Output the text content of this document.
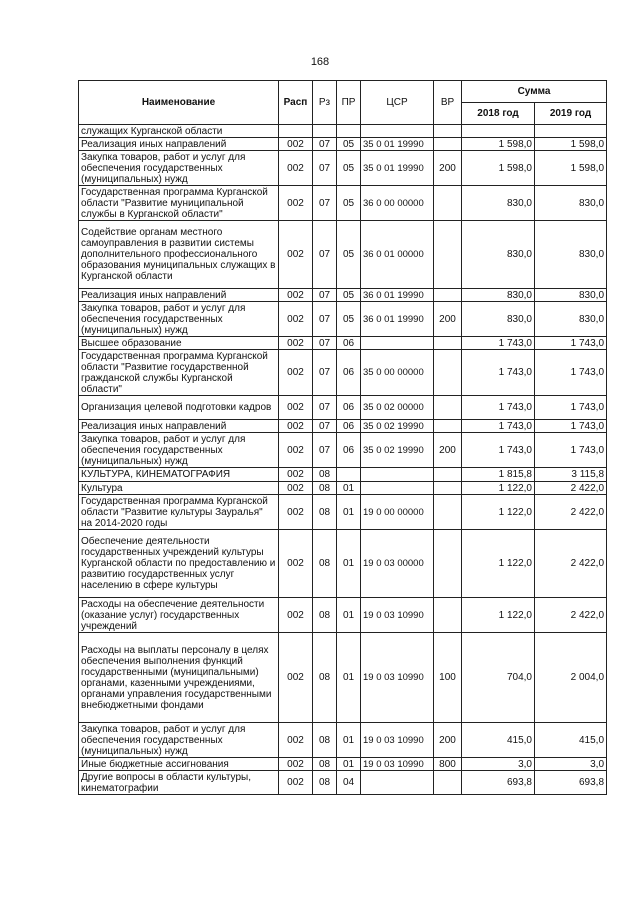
168
Наименование	Расп	Рз	ПР	ЦСР	ВР	Сумма	
						2018 год	2019 год
служащих Курганской области							
Реализация иных направлений	002	07	05	35 0 01 19990		1 598,0	1 598,0
Закупка товаров, работ и услуг для обеспечения государственных (муниципальных) нужд	002	07	05	35 0 01 19990	200	1 598,0	1 598,0
Государственная программа Курганской области "Развитие муниципальной службы в Курганской области"	002	07	05	36 0 00 00000		830,0	830,0
Содействие органам местного самоуправления в развитии системы дополнительного профессионального образования муниципальных служащих в Курганской области	002	07	05	36 0 01 00000		830,0	830,0
Реализация иных направлений	002	07	05	36 0 01 19990		830,0	830,0
Закупка товаров, работ и услуг для обеспечения государственных (муниципальных) нужд	002	07	05	36 0 01 19990	200	830,0	830,0
Высшее образование	002	07	06			1 743,0	1 743,0
Государственная программа Курганской области "Развитие государственной гражданской службы Курганской области"	002	07	06	35 0 00 00000		1 743,0	1 743,0
Организация целевой подготовки кадров	002	07	06	35 0 02 00000		1 743,0	1 743,0
Реализация иных направлений	002	07	06	35 0 02 19990		1 743,0	1 743,0
Закупка товаров, работ и услуг для обеспечения государственных (муниципальных) нужд	002	07	06	35 0 02 19990	200	1 743,0	1 743,0
КУЛЬТУРА, КИНЕМАТОГРАФИЯ	002	08				1 815,8	3 115,8
Культура	002	08	01			1 122,0	2 422,0
Государственная программа Курганской области "Развитие культуры Зауралья" на 2014-2020 годы	002	08	01	19 0 00 00000		1 122,0	2 422,0
Обеспечение деятельности государственных учреждений культуры Курганской области по предоставлению и развитию государственных услуг населению в сфере культуры	002	08	01	19 0 03 00000		1 122,0	2 422,0
Расходы на обеспечение деятельности (оказание услуг) государственных учреждений	002	08	01	19 0 03 10990		1 122,0	2 422,0
Расходы на выплаты персоналу в целях обеспечения выполнения функций государственными (муниципальными) органами, казенными учреждениями, органами управления государственными внебюджетными фондами	002	08	01	19 0 03 10990	100	704,0	2 004,0
Закупка товаров, работ и услуг для обеспечения государственных (муниципальных) нужд	002	08	01	19 0 03 10990	200	415,0	415,0
Иные бюджетные ассигнования	002	08	01	19 0 03 10990	800	3,0	3,0
Другие вопросы в области культуры, кинематографии	002	08	04			693,8	693,8
